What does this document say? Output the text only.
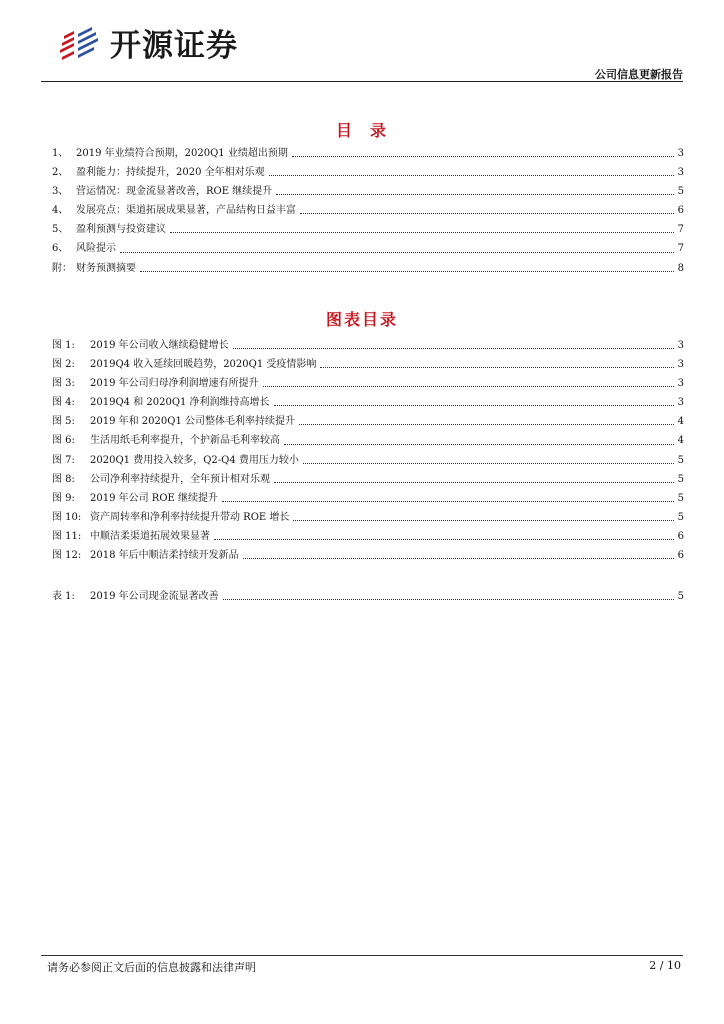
开源证券
公司信息更新报告
目 录
1、 2019 年业绩符合预期，2020Q1 业绩超出预期	3
2、 盈利能力：持续提升，2020 全年相对乐观	3
3、 营运情况：现金流显著改善，ROE 继续提升	5
4、 发展亮点：渠道拓展成果显著，产品结构日益丰富	6
5、 盈利预测与投资建议	7
6、 风险提示	7
附： 财务预测摘要	8
图表目录
图 1:	2019 年公司收入继续稳健增长	3
图 2:	2019Q4 收入延续回暖趋势，2020Q1 受疫情影响	3
图 3:	2019 年公司归母净利润增速有所提升	3
图 4:	2019Q4 和 2020Q1 净利润维持高增长	3
图 5:	2019 年和 2020Q1 公司整体毛利率持续提升	4
图 6:	生活用纸毛利率提升，个护新品毛利率较高	4
图 7:	2020Q1 费用投入较多，Q2-Q4 费用压力较小	5
图 8:	公司净利率持续提升，全年预计相对乐观	5
图 9:	2019 年公司 ROE 继续提升	5
图 10: 资产周转率和净利率持续提升带动 ROE 增长	5
图 11: 中顺洁柔渠道拓展效果显著	6
图 12: 2018 年后中顺洁柔持续开发新品	6
表 1:	2019 年公司现金流显著改善	5
请务必参阅正文后面的信息披露和法律声明	2 / 10
